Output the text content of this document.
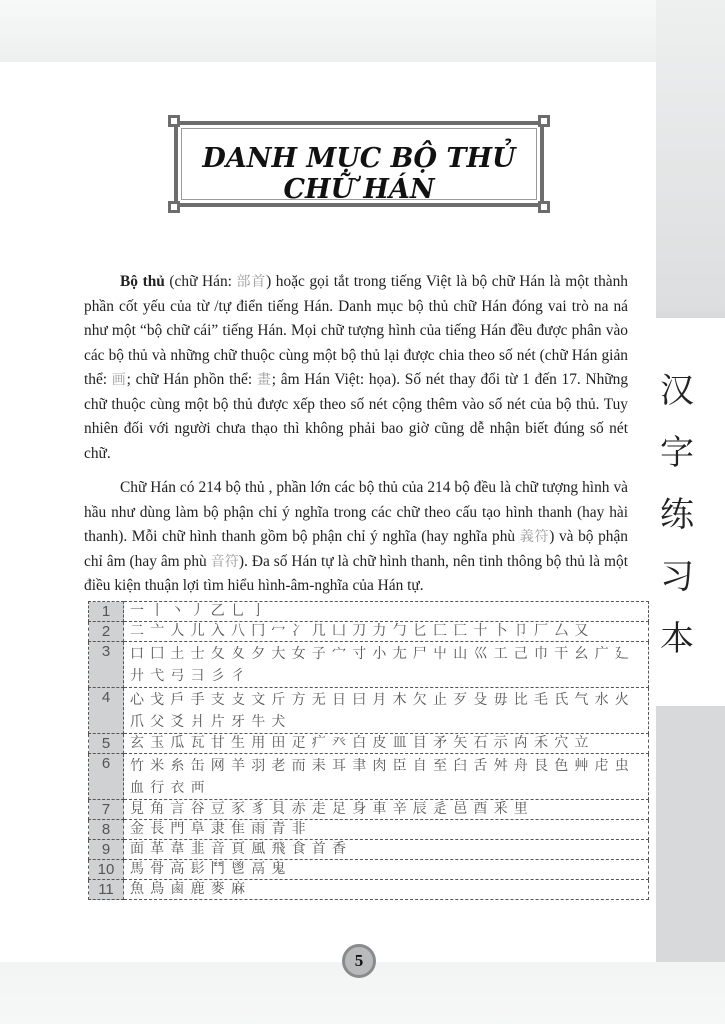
汉
字
练
习
本
DANH MỤC BỘ THỦ CHỮ HÁN

Bộ thủ (chữ Hán: 部首) hoặc gọi tắt trong tiếng Việt là bộ chữ Hán là một thành phần cốt yếu của từ /tự điển tiếng Hán. Danh mục bộ thủ chữ Hán đóng vai trò na ná như một “bộ chữ cái” tiếng Hán. Mọi chữ tượng hình của tiếng Hán đều được phân vào các bộ thủ và những chữ thuộc cùng một bộ thủ lại được chia theo số nét (chữ Hán giản thể: 画; chữ Hán phồn thể: 畫; âm Hán Việt: họa). Số nét thay đổi từ 1 đến 17. Những chữ thuộc cùng một bộ thủ được xếp theo số nét cộng thêm vào số nét của bộ thủ. Tuy nhiên đối với người chưa thạo thì không phải bao giờ cũng dễ nhận biết đúng số nét chữ.

Chữ Hán có 214 bộ thủ , phần lớn các bộ thủ của 214 bộ đều là chữ tượng hình và hầu như dùng làm bộ phận chỉ ý nghĩa trong các chữ theo cấu tạo hình thanh (hay hài thanh). Mỗi chữ hình thanh gồm bộ phận chỉ ý nghĩa (hay nghĩa phù 義符) và bộ phận chỉ âm (hay âm phù 音符). Đa số Hán tự là chữ hình thanh, nên tinh thông bộ thủ là một điều kiện thuận lợi tìm hiểu hình-âm-nghĩa của Hán tự.

1	一丨丶丿乙乚亅
2	二亠人儿入八冂冖冫几凵刀力勹匕匚匸十卜卩厂厶又
3	口囗土士夂夊夕大女子宀寸小尢尸屮山巛工己巾干幺广廴廾弋弓彐彡彳
4	心戈戶手支攴文斤方无日曰月木欠止歹殳毋比毛氏气水火爪父爻爿片牙牛犬
5	玄玉瓜瓦甘生用田疋疒癶白皮皿目矛矢石示禸禾穴立
6	竹米糸缶网羊羽老而耒耳聿肉臣自至臼舌舛舟艮色艸虍虫血行衣襾
7	見角言谷豆豕豸貝赤走足身車辛辰辵邑酉釆里
8	金長門阜隶隹雨青非
9	面革韋韭音頁風飛食首香
10	馬骨高髟鬥鬯鬲鬼
11	魚鳥鹵鹿麥麻
5
